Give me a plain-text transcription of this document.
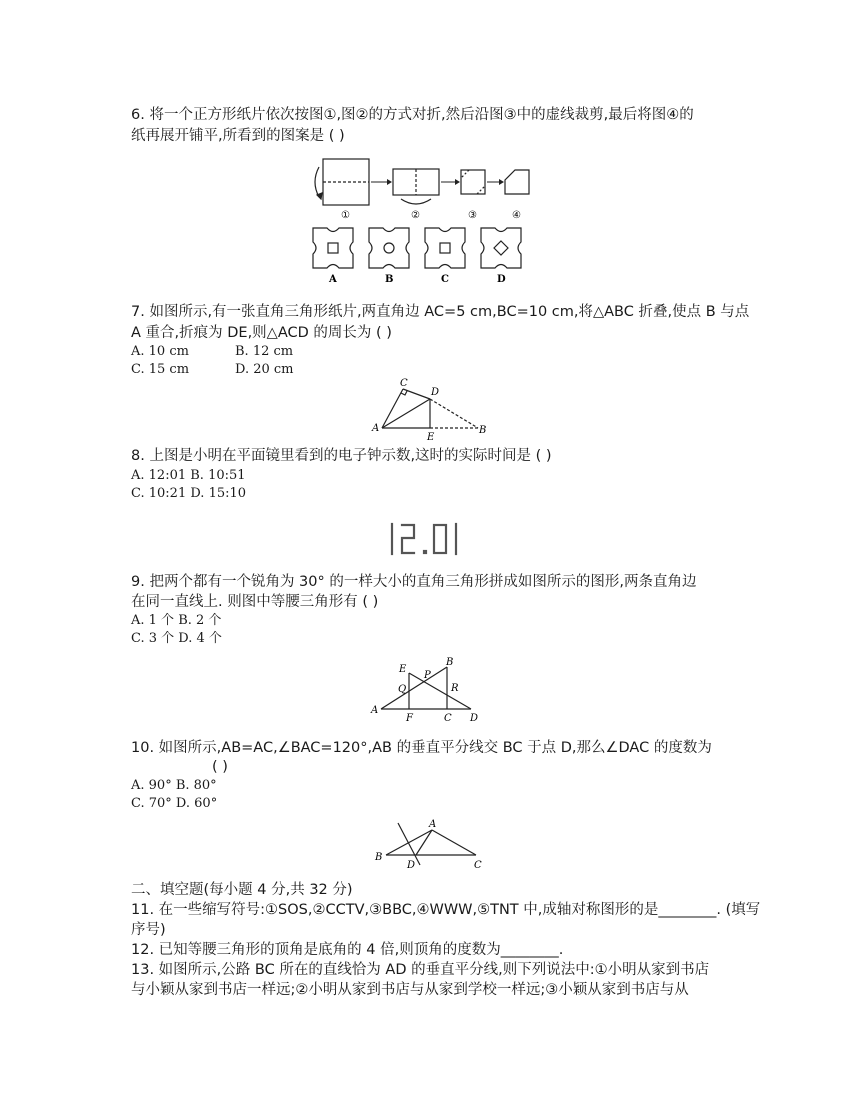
6. 将一个正方形纸片依次按图①,图②的方式对折,然后沿图③中的虚线裁剪,最后将图④的
纸再展开铺平,所看到的图案是 ( )
①	②	③	④
A	B	C	D
7. 如图所示,有一张直角三角形纸片,两直角边 AC=5 cm,BC=10 cm,将△ABC 折叠,使点 B 与点
A 重合,折痕为 DE,则△ACD 的周长为 ( )
A. 10 cm	B. 12 cm
C. 15 cm	D. 20 cm
C
D
A
E
B
8. 上图是小明在平面镜里看到的电子钟示数,这时的实际时间是 ( )
A. 12:01 B. 10:51
C. 10:21 D. 15:10
9. 把两个都有一个锐角为 30° 的一样大小的直角三角形拼成如图所示的图形,两条直角边
在同一直线上. 则图中等腰三角形有 ( )
A. 1 个 B. 2 个
C. 3 个 D. 4 个
E
P
B
Q	R
A
F	C D
10. 如图所示,AB=AC,∠BAC=120°,AB 的垂直平分线交 BC 于点 D,那么∠DAC 的度数为
( )
A. 90° B. 80°
C. 70° D. 60°
A
B
D	C
二、填空题(每小题 4 分,共 32 分)
11. 在一些缩写符号:①SOS,②CCTV,③BBC,④WWW,⑤TNT 中,成轴对称图形的是________. (填写
序号)
12. 已知等腰三角形的顶角是底角的 4 倍,则顶角的度数为________.
13. 如图所示,公路 BC 所在的直线恰为 AD 的垂直平分线,则下列说法中:①小明从家到书店
与小颖从家到书店一样远;②小明从家到书店与从家到学校一样远;③小颖从家到书店与从
